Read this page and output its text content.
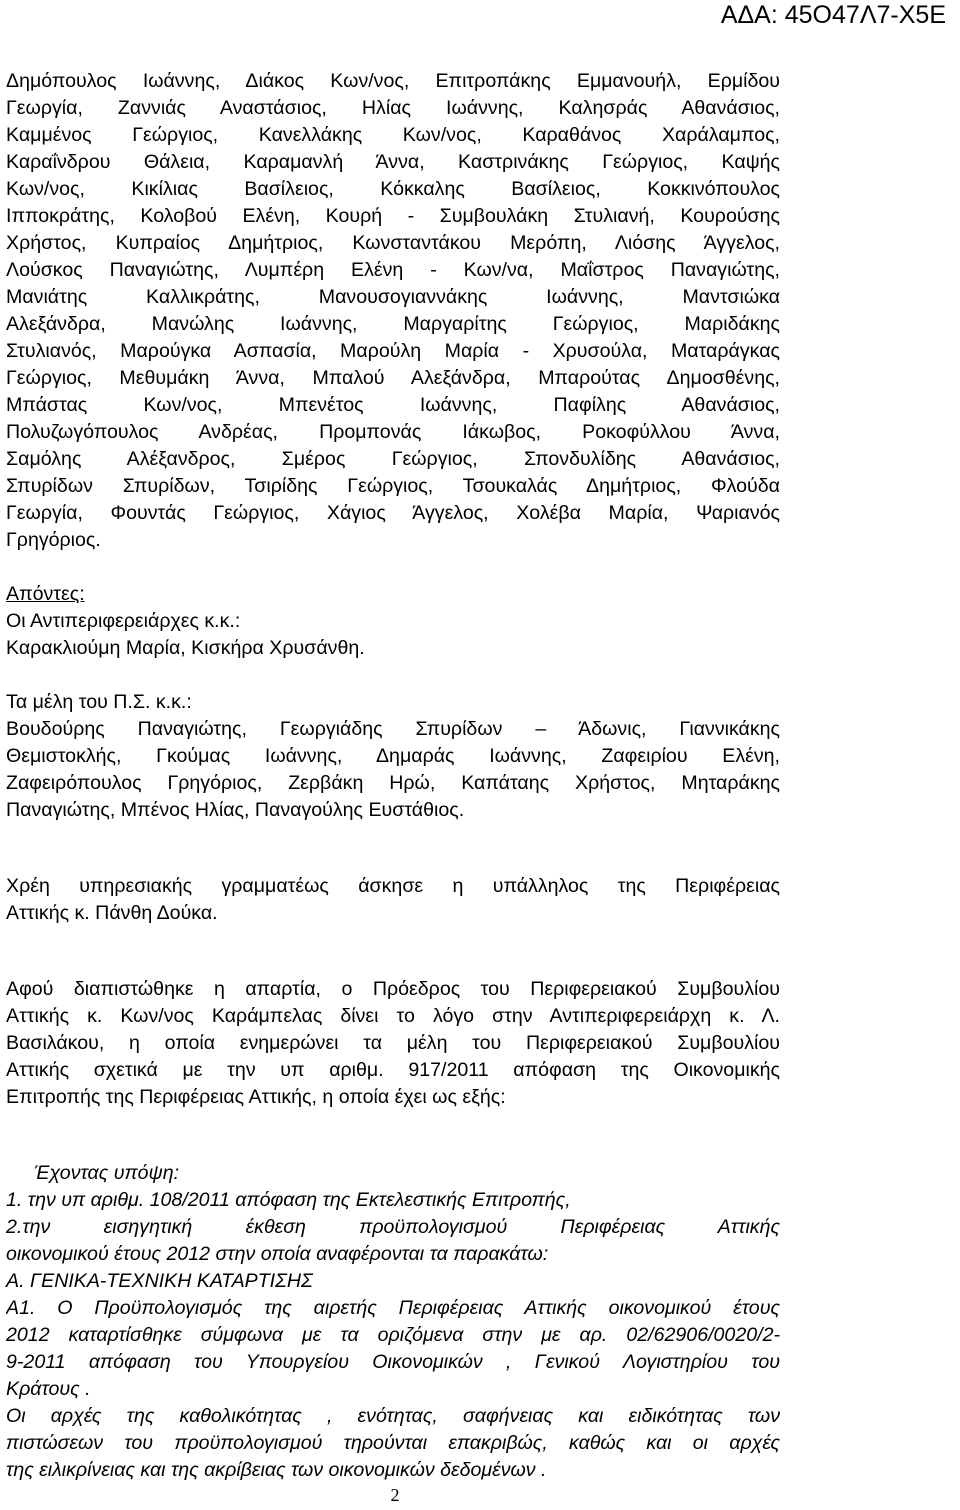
ΑΔΑ: 45Ο47Λ7-Χ5Ε
Δημόπουλος Ιωάννης, Διάκος Κων/νος, Επιτροπάκης Εμμανουήλ, Ερμίδου
Γεωργία, Ζαννιάς Αναστάσιος, Ηλίας Ιωάννης, Καλησράς Αθανάσιος,
Καμμένος Γεώργιος, Κανελλάκης Κων/νος, Καραθάνος Χαράλαμπος,
Καραΐνδρου Θάλεια, Καραμανλή Άννα, Καστρινάκης Γεώργιος, Καψής
Κων/νος, Κικίλιας Βασίλειος, Κόκκαλης Βασίλειος, Κοκκινόπουλος
Ιπποκράτης, Κολοβού Ελένη, Κουρή - Συμβουλάκη Στυλιανή, Κουρούσης
Χρήστος, Κυπραίος Δημήτριος, Κωνσταντάκου Μερόπη, Λιόσης Άγγελος,
Λούσκος Παναγιώτης, Λυμπέρη Ελένη - Κων/να, Μαΐστρος Παναγιώτης,
Μανιάτης Καλλικράτης, Μανουσογιαννάκης Ιωάννης, Μαντσιώκα
Αλεξάνδρα, Μανώλης Ιωάννης, Μαργαρίτης Γεώργιος, Μαριδάκης
Στυλιανός, Μαρούγκα Ασπασία, Μαρούλη Μαρία - Χρυσούλα, Ματαράγκας
Γεώργιος, Μεθυμάκη Άννα, Μπαλού Αλεξάνδρα, Μπαρούτας Δημοσθένης,
Μπάστας Κων/νος, Μπενέτος Ιωάννης, Παφίλης Αθανάσιος,
Πολυζωγόπουλος Ανδρέας, Προμπονάς Ιάκωβος, Ροκοφύλλου Άννα,
Σαμόλης Αλέξανδρος, Σμέρος Γεώργιος, Σπονδυλίδης Αθανάσιος,
Σπυρίδων Σπυρίδων, Τσιρίδης Γεώργιος, Τσουκαλάς Δημήτριος, Φλούδα
Γεωργία, Φουντάς Γεώργιος, Χάγιος Άγγελος, Χολέβα Μαρία, Ψαριανός
Γρηγόριος.
Απόντες:
Οι Αντιπεριφερειάρχες κ.κ.:
Καρακλιούμη Μαρία, Κισκήρα Χρυσάνθη.
Τα μέλη του Π.Σ. κ.κ.:
Βουδούρης Παναγιώτης, Γεωργιάδης Σπυρίδων – Άδωνις, Γιαννικάκης
Θεμιστοκλής, Γκούμας Ιωάννης, Δημαράς Ιωάννης, Ζαφειρίου Ελένη,
Ζαφειρόπουλος Γρηγόριος, Ζερβάκη Ηρώ, Καπάταης Χρήστος, Μηταράκης
Παναγιώτης, Μπένος Ηλίας, Παναγούλης Ευστάθιος.
Χρέη υπηρεσιακής γραμματέως άσκησε η υπάλληλος της Περιφέρειας
Αττικής κ. Πάνθη Δούκα.
Αφού διαπιστώθηκε η απαρτία, ο Πρόεδρος του Περιφερειακού Συμβουλίου
Αττικής κ. Κων/νος Καράμπελας δίνει το λόγο στην Αντιπεριφερειάρχη κ. Λ.
Βασιλάκου, η οποία ενημερώνει τα μέλη του Περιφερειακού Συμβουλίου
Αττικής σχετικά με την υπ αριθμ. 917/2011 απόφαση της Οικονομικής
Επιτροπής της Περιφέρειας Αττικής, η οποία έχει ως εξής:
Έχοντας υπόψη:
1. την υπ αριθμ. 108/2011 απόφαση της Εκτελεστικής Επιτροπής,
2.την εισηγητική έκθεση προϋπολογισμού Περιφέρειας Αττικής
οικονομικού έτους 2012 στην οποία αναφέρονται τα παρακάτω:
Α. ΓΕΝΙΚΑ-ΤΕΧΝΙΚΗ ΚΑΤΑΡΤΙΣΗΣ
Α1. Ο Προϋπολογισμός της αιρετής Περιφέρειας Αττικής οικονομικού έτους
2012 καταρτίσθηκε σύμφωνα με τα οριζόμενα στην με αρ. 02/62906/0020/2-
9-2011 απόφαση του Υπουργείου Οικονομικών , Γενικού Λογιστηρίου του
Κράτους .
Οι αρχές της καθολικότητας , ενότητας, σαφήνειας και ειδικότητας των
πιστώσεων του προϋπολογισμού τηρούνται επακριβώς, καθώς και οι αρχές
της ειλικρίνειας και της ακρίβειας των οικονομικών δεδομένων .
2
